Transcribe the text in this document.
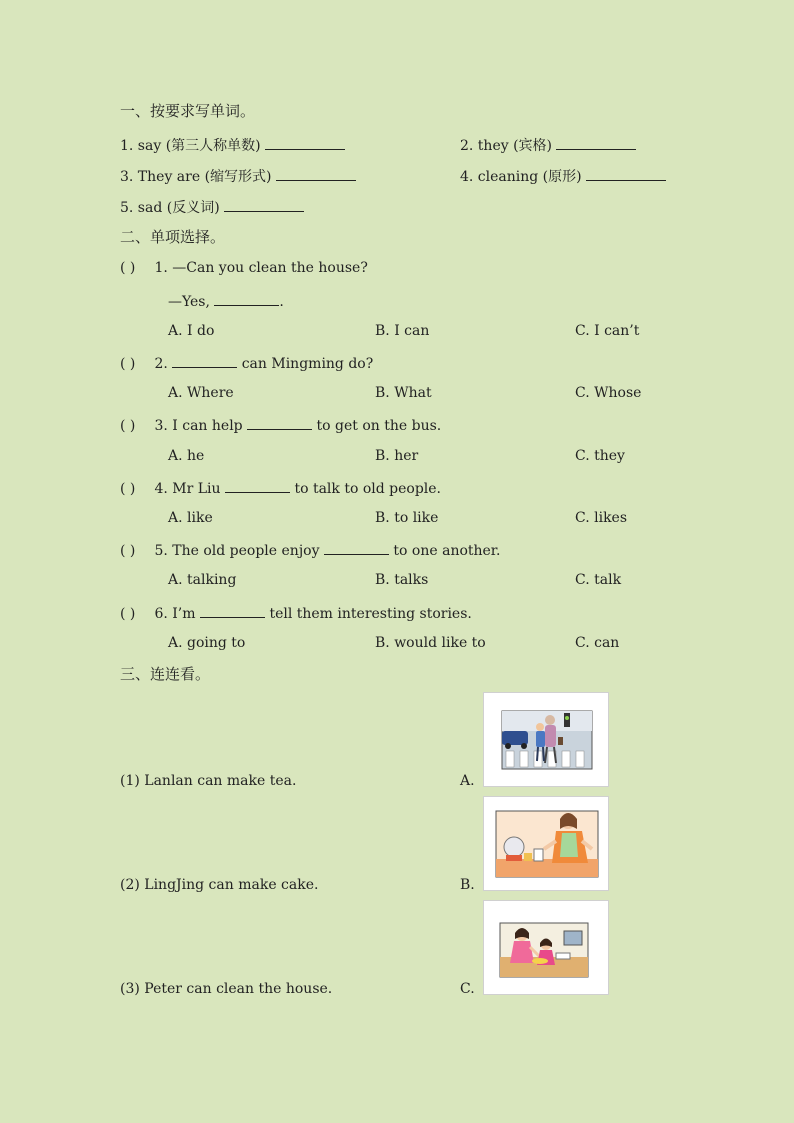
一、按要求写单词。
1. say (第三人称单数)	2. they (宾格)
3. They are (缩写形式)	4. cleaning (原形)
5. sad (反义词)
二、单项选择。
( ) 1. —Can you clean the house?
—Yes,	.
A. I do	B. I can	C. I can’t
( ) 2.	can Mingming do?
A. Where	B. What	C. Whose
( ) 3. I can help	to get on the bus.
A. he	B. her	C. they
( ) 4. Mr Liu	to talk to old people.
A. like	B. to like	C. likes
( ) 5. The old people enjoy	to one another.
A. talking	B. talks	C. talk
( ) 6. I’m	tell them interesting stories.
A. going to	B. would like to	C. can
三、连连看。
(1) Lanlan can make tea.
(2) LingJing can make cake.
(3) Peter can clean the house.
A.
B.
C.
